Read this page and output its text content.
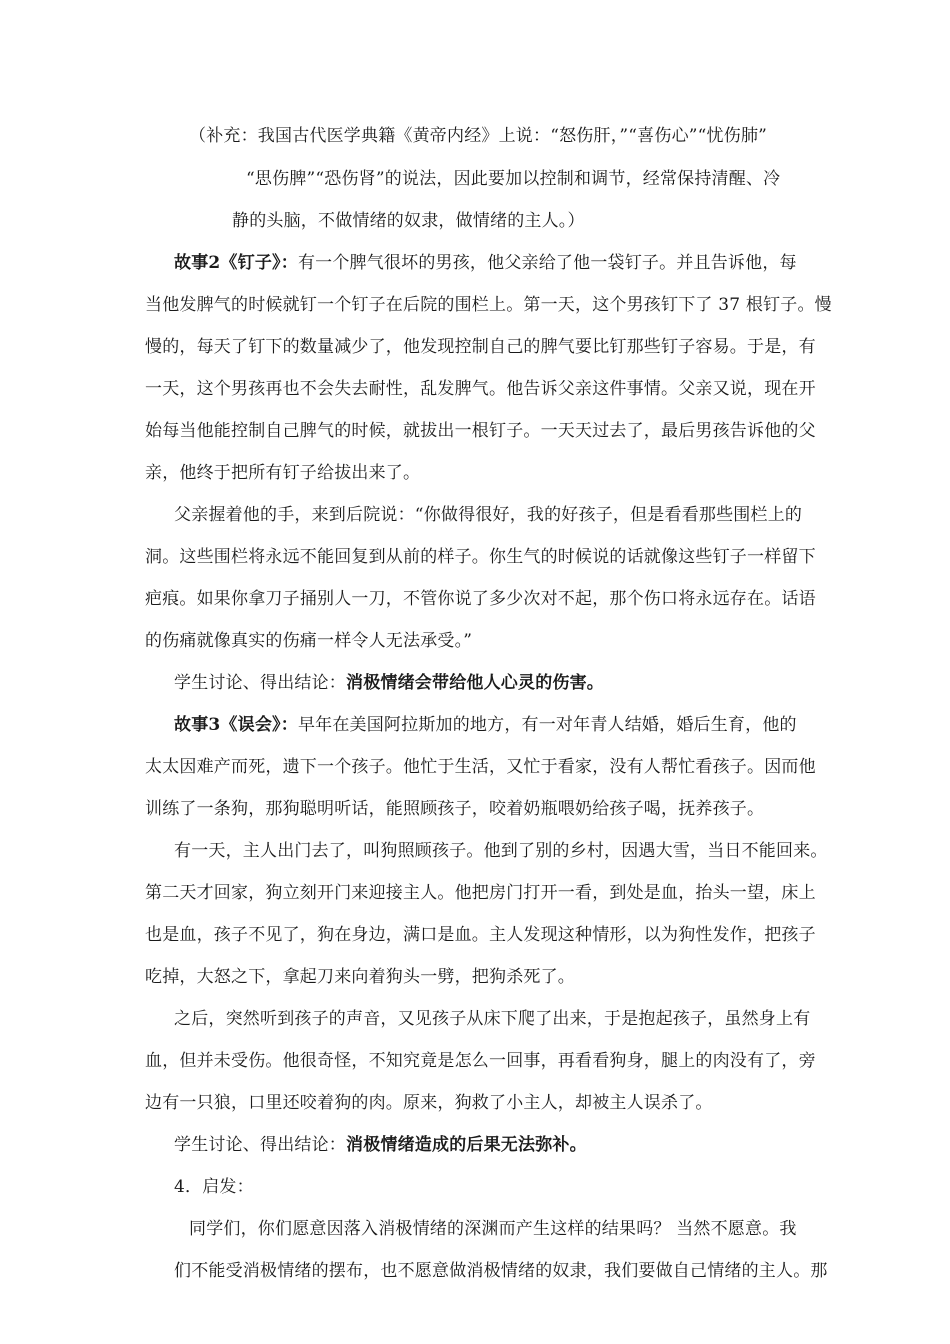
（补充：我国古代医学典籍《黄帝内经》上说：“怒伤肝，”“喜伤心”“忧伤肺”
“思伤脾”“恐伤肾”的说法，因此要加以控制和调节，经常保持清醒、冷
静的头脑，不做情绪的奴隶，做情绪的主人。）
故事2《钉子》：有一个脾气很坏的男孩，他父亲给了他一袋钉子。并且告诉他，每
当他发脾气的时候就钉一个钉子在后院的围栏上。第一天，这个男孩钉下了 37 根钉子。慢
慢的，每天了钉下的数量减少了，他发现控制自己的脾气要比钉那些钉子容易。于是，有
一天，这个男孩再也不会失去耐性，乱发脾气。他告诉父亲这件事情。父亲又说，现在开
始每当他能控制自己脾气的时候，就拔出一根钉子。一天天过去了，最后男孩告诉他的父
亲，他终于把所有钉子给拔出来了。
父亲握着他的手，来到后院说：“你做得很好，我的好孩子，但是看看那些围栏上的
洞。这些围栏将永远不能回复到从前的样子。你生气的时候说的话就像这些钉子一样留下
疤痕。如果你拿刀子捅别人一刀，不管你说了多少次对不起，那个伤口将永远存在。话语
的伤痛就像真实的伤痛一样令人无法承受。”
学生讨论、得出结论：消极情绪会带给他人心灵的伤害。
故事3《误会》：早年在美国阿拉斯加的地方，有一对年青人结婚，婚后生育，他的
太太因难产而死，遗下一个孩子。他忙于生活，又忙于看家，没有人帮忙看孩子。因而他
训练了一条狗，那狗聪明听话，能照顾孩子，咬着奶瓶喂奶给孩子喝，抚养孩子。
有一天，主人出门去了，叫狗照顾孩子。他到了别的乡村，因遇大雪，当日不能回来。
第二天才回家，狗立刻开门来迎接主人。他把房门打开一看，到处是血，抬头一望，床上
也是血，孩子不见了，狗在身边，满口是血。主人发现这种情形，以为狗性发作，把孩子
吃掉，大怒之下，拿起刀来向着狗头一劈，把狗杀死了。
之后，突然听到孩子的声音，又见孩子从床下爬了出来，于是抱起孩子，虽然身上有
血，但并未受伤。他很奇怪，不知究竟是怎么一回事，再看看狗身，腿上的肉没有了，旁
边有一只狼，口里还咬着狗的肉。原来，狗救了小主人，却被主人误杀了。
学生讨论、得出结论：消极情绪造成的后果无法弥补。
4．启发：
同学们，你们愿意因落入消极情绪的深渊而产生这样的结果吗？ 当然不愿意。我
们不能受消极情绪的摆布，也不愿意做消极情绪的奴隶，我们要做自己情绪的主人。那
